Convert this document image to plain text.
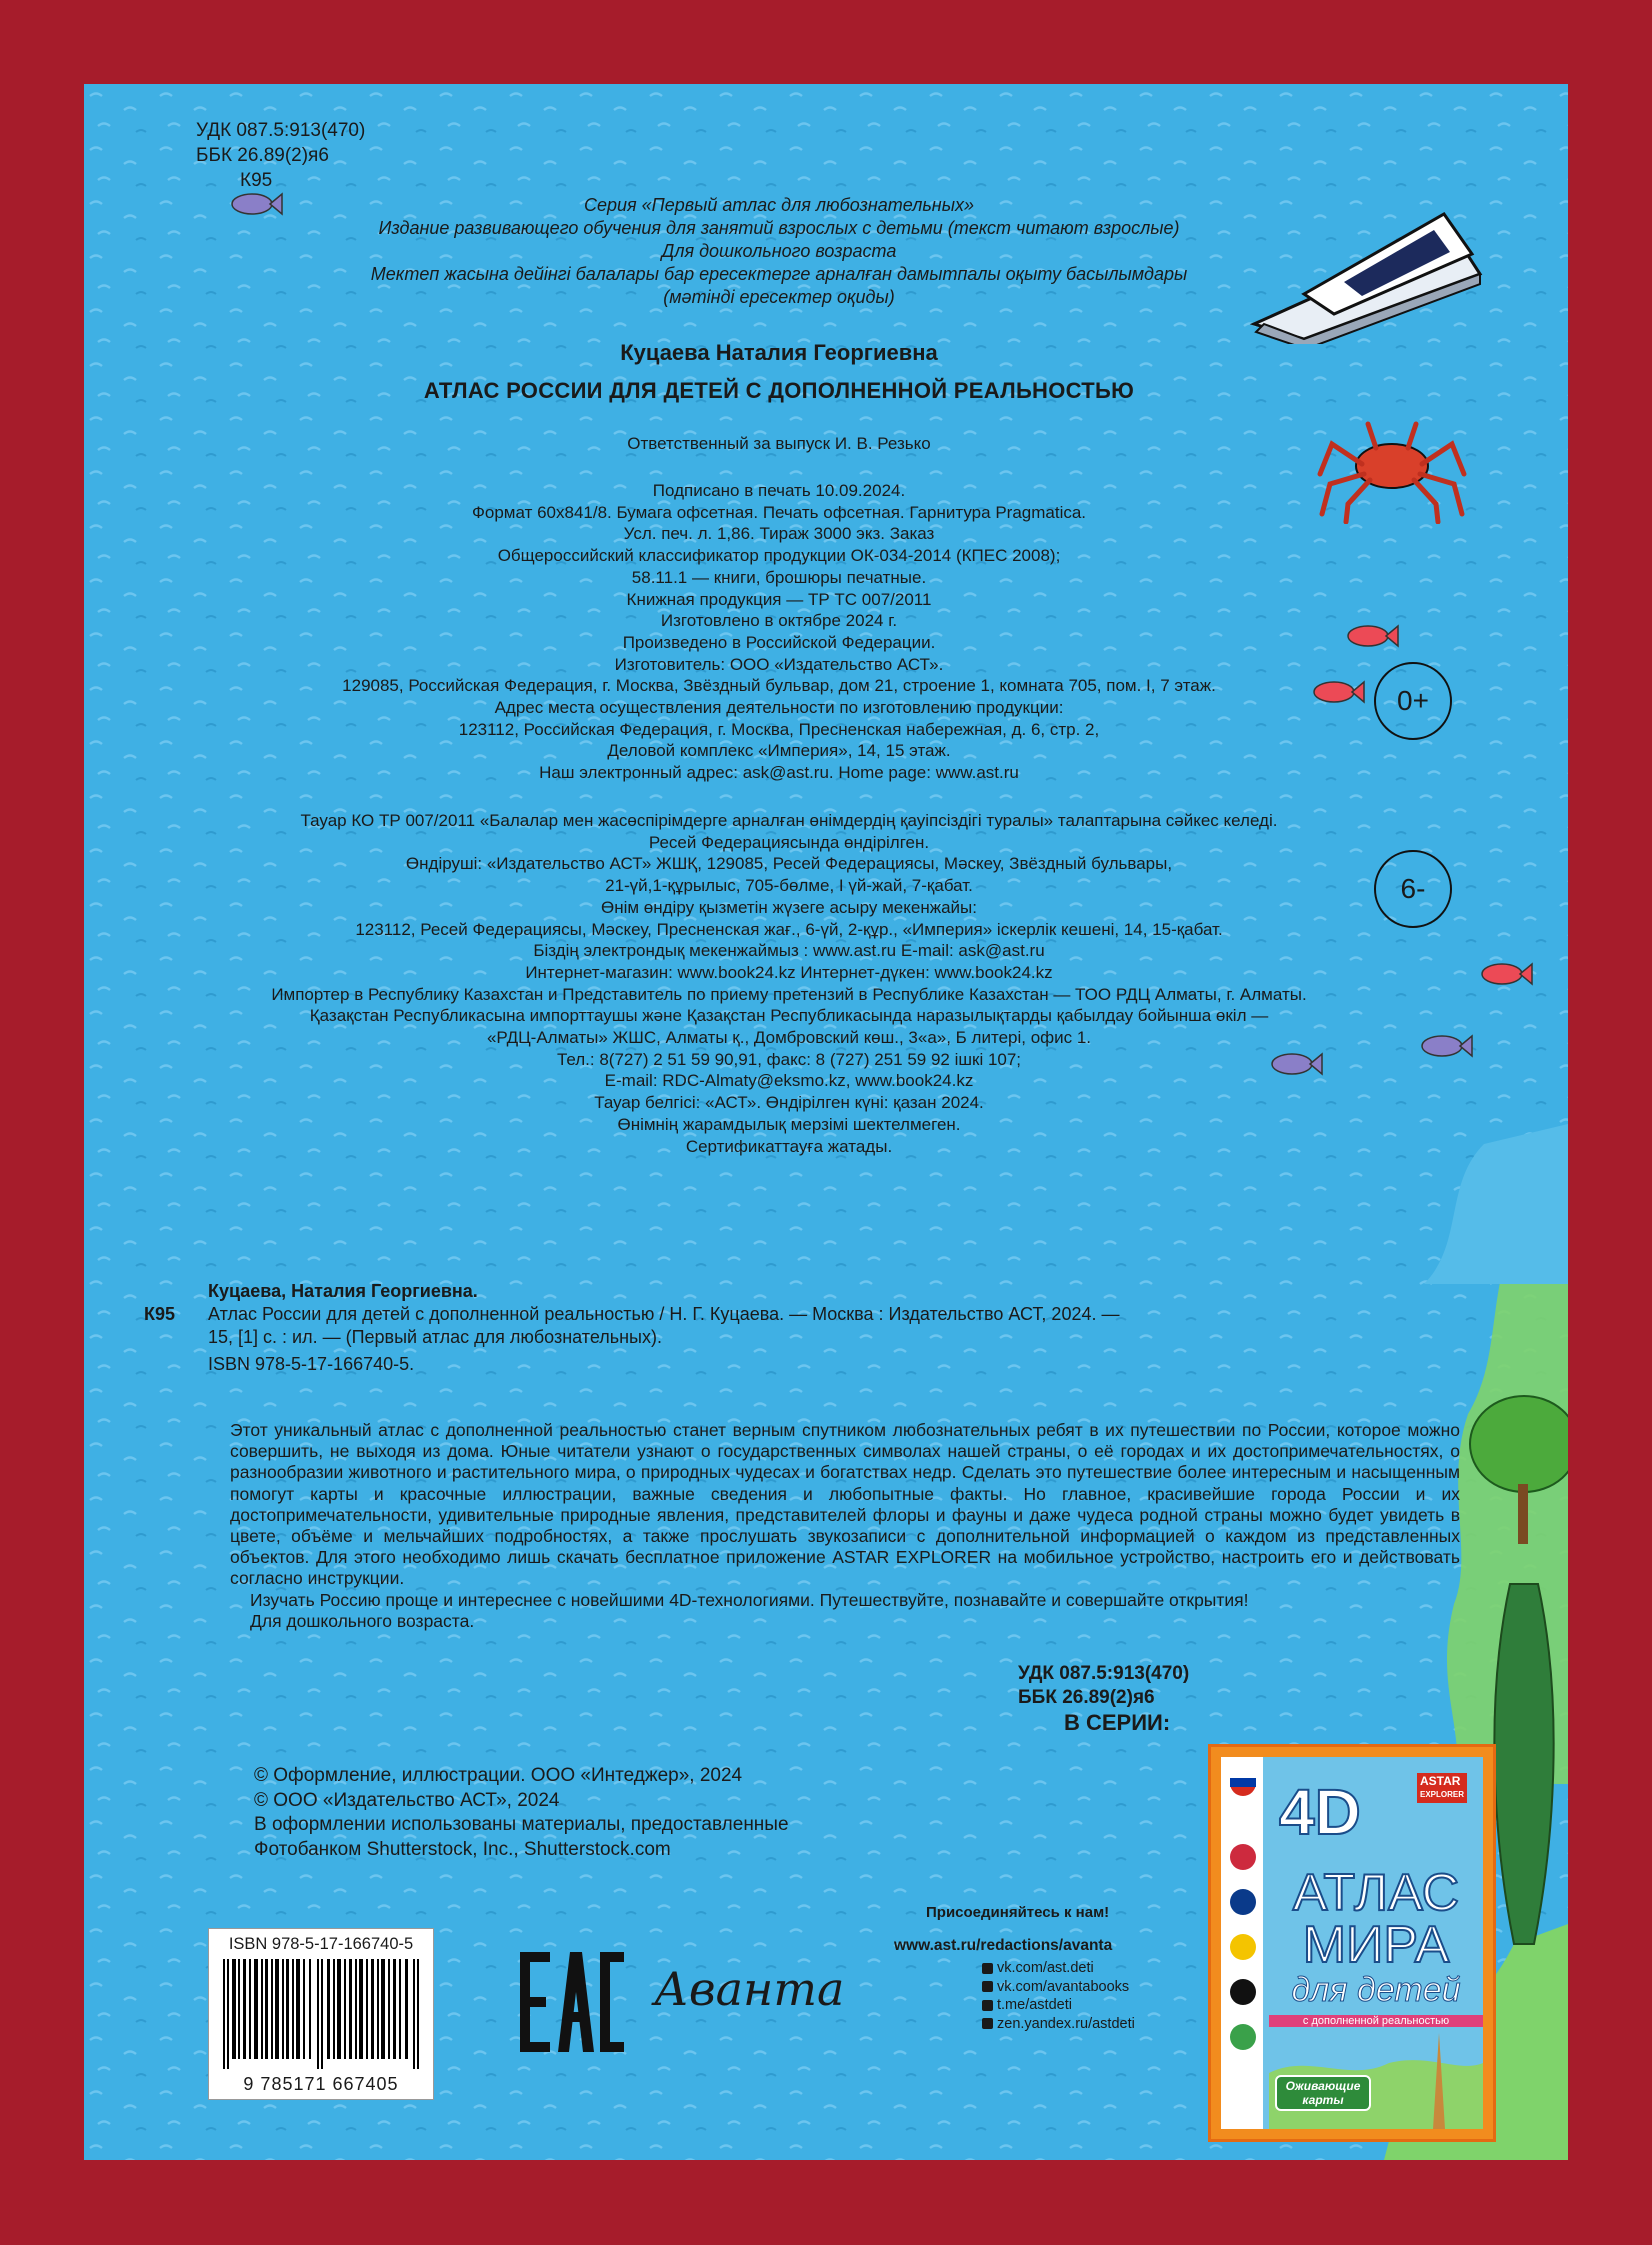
УДК 087.5:913(470)
ББК 26.89(2)я6
К95
Серия «Первый атлас для любознательных»
Издание развивающего обучения для занятий взрослых с детьми (текст читают взрослые)
Для дошкольного возраста
Мектеп жасына дейінгі балалары бар ересектерге арналған дамытпалы оқыту басылымдары
(мәтінді ересектер оқиды)
Куцаева Наталия Георгиевна
АТЛАС РОССИИ ДЛЯ ДЕТЕЙ С ДОПОЛНЕННОЙ РЕАЛЬНОСТЬЮ
Ответственный за выпуск И. В. Резько
Подписано в печать 10.09.2024.
Формат 60х841/8. Бумага офсетная. Печать офсетная. Гарнитура Pragmatica.
Усл. печ. л. 1,86. Тираж 3000 экз. Заказ
Общероссийский классификатор продукции ОК-034-2014 (КПЕС 2008);
58.11.1 — книги, брошюры печатные.
Книжная продукция — ТР ТС 007/2011
Изготовлено в октябре 2024 г.
Произведено в Российской Федерации.
Изготовитель: ООО «Издательство АСТ».
129085, Российская Федерация, г. Москва, Звёздный бульвар, дом 21, строение 1, комната 705, пом. I, 7 этаж.
Адрес места осуществления деятельности по изготовлению продукции:
123112, Российская Федерация, г. Москва, Пресненская набережная, д. 6, стр. 2,
Деловой комплекс «Империя», 14, 15 этаж.
Наш электронный адрес: ask@ast.ru. Home page: www.ast.ru
0+
6-
Тауар КО ТР 007/2011 «Балалар мен жасөспірімдерге арналған өнімдердің қауіпсіздігі туралы» талаптарына сәйкес келеді.
Ресей Федерациясында өндірілген.
Өндіруші: «Издательство АСТ» ЖШҚ, 129085, Ресей Федерациясы, Мәскеу, Звёздный бульвары,
21-үй,1-құрылыс, 705-бөлме, I үй-жай, 7-қабат.
Өнім өндіру қызметін жүзеге асыру мекенжайы:
123112, Ресей Федерациясы, Мәскеу, Пресненская жағ., 6-үй, 2-құр., «Империя» іскерлік кешені, 14, 15-қабат.
Біздің электрондық мекенжаймыз : www.ast.ru E-mail: ask@ast.ru
Интернет-магазин: www.book24.kz Интернет-дүкен: www.book24.kz
Импортер в Республику Казахстан и Представитель по приему претензий в Республике Казахстан — ТОО РДЦ Алматы, г. Алматы.
Қазақстан Республикасына импорттаушы және Қазақстан Республикасында наразылықтарды қабылдау бойынша өкіл —
«РДЦ-Алматы» ЖШС, Алматы қ., Домбровский көш., 3«а», Б литері, офис 1.
Тел.: 8(727) 2 51 59 90,91, факс: 8 (727) 251 59 92 ішкі 107;
E-mail: RDC-Almaty@eksmo.kz, www.book24.kz
Тауар белгісі: «АСТ». Өндірілген күні: қазан 2024.
Өнімнің жарамдылық мерзімі шектелмеген.
Сертификаттауға жатады.
Куцаева, Наталия Георгиевна.
К95	Атлас России для детей с дополненной реальностью / Н. Г. Куцаева. — Москва : Издательство АСТ, 2024. —
15, [1] с. : ил. — (Первый атлас для любознательных).
ISBN 978-5-17-166740-5.

Этот уникальный атлас с дополненной реальностью станет верным спутником любознательных ребят в их путешествии по России, которое можно совершить, не выходя из дома. Юные читатели узнают о государственных символах нашей страны, о её городах и их достопримечательностях, о разнообразии животного и растительного мира, о природных чудесах и богатствах недр. Сделать это путешествие более интересным и насыщенным помогут карты и красочные иллюстрации, важные сведения и любопытные факты. Но главное, красивейшие города России и их достопримечательности, удивительные природные явления, представителей флоры и фауны и даже чудеса родной страны можно будет увидеть в цвете, объёме и мельчайших подробностях, а также прослушать звукозаписи с дополнительной информацией о каждом из представленных объектов. Для этого необходимо лишь скачать бесплатное приложение ASTAR EXPLORER на мобильное устройство, настроить его и действовать согласно инструкции.

Изучать Россию проще и интереснее с новейшими 4D-технологиями. Путешествуйте, познавайте и совершайте открытия!

Для дошкольного возраста.

УДК 087.5:913(470)
ББК 26.89(2)я6
В СЕРИИ:
© Оформление, иллюстрации. ООО «Интеджер», 2024
© ООО «Издательство АСТ», 2024
В оформлении использованы материалы, предоставленные
Фотобанком Shutterstock, Inc., Shutterstock.com
ISBN 978-5-17-166740-5
9 785171 667405
Аванта
Присоединяйтесь к нам!
www.ast.ru/redactions/avanta
vk.com/ast.deti
vk.com/avantabooks
t.me/astdeti
zen.yandex.ru/astdeti
4D	ASTAR
EXPLORER
АТЛАС
МИРА
для детей
с дополненной реальностью
Оживающие карты
